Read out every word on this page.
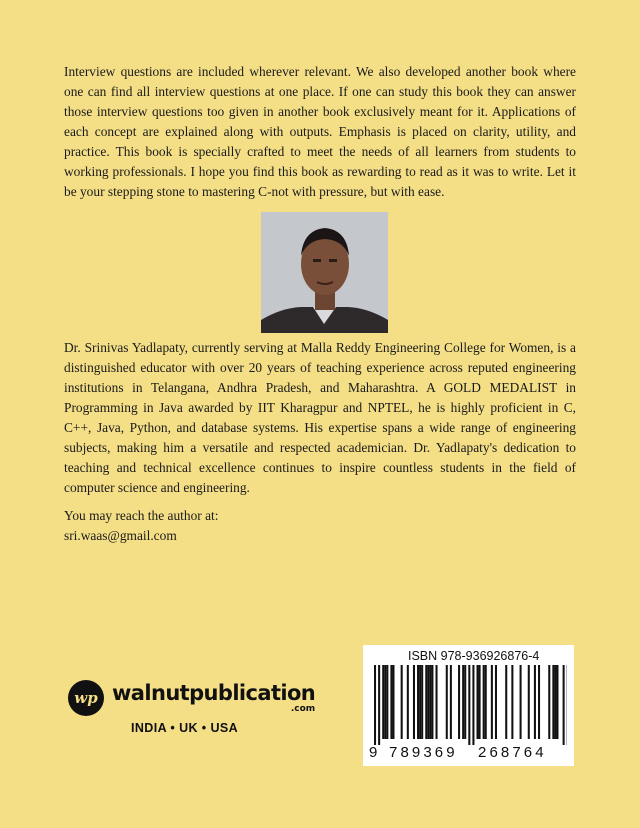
Interview questions are included wherever relevant. We also developed another book where one can find all interview questions at one place. If one can study this book they can answer those interview questions too given in another book exclusively meant for it. Applications of each concept are explained along with outputs. Emphasis is placed on clarity, utility, and practice. This book is specially crafted to meet the needs of all learners from students to working professionals. I hope you find this book as rewarding to read as it was to write. Let it be your stepping stone to mastering C-not with pressure, but with ease.

Dr. Srinivas Yadlapaty, currently serving at Malla Reddy Engineering College for Women, is a distinguished educator with over 20 years of teaching experience across reputed engineering institutions in Telangana, Andhra Pradesh, and Maharashtra. A GOLD MEDALIST in Programming in Java awarded by IIT Kharagpur and NPTEL, he is highly proficient in C, C++, Java, Python, and database systems. His expertise spans a wide range of engineering subjects, making him a versatile and respected academician. Dr. Yadlapaty's dedication to teaching and technical excellence continues to inspire countless students in the field of computer science and engineering.

You may reach the author at:
sri.waas@gmail.com
wp walnutpublication
.com
INDIA • UK • USA
ISBN 978-936926876-4
9 789369	268764
